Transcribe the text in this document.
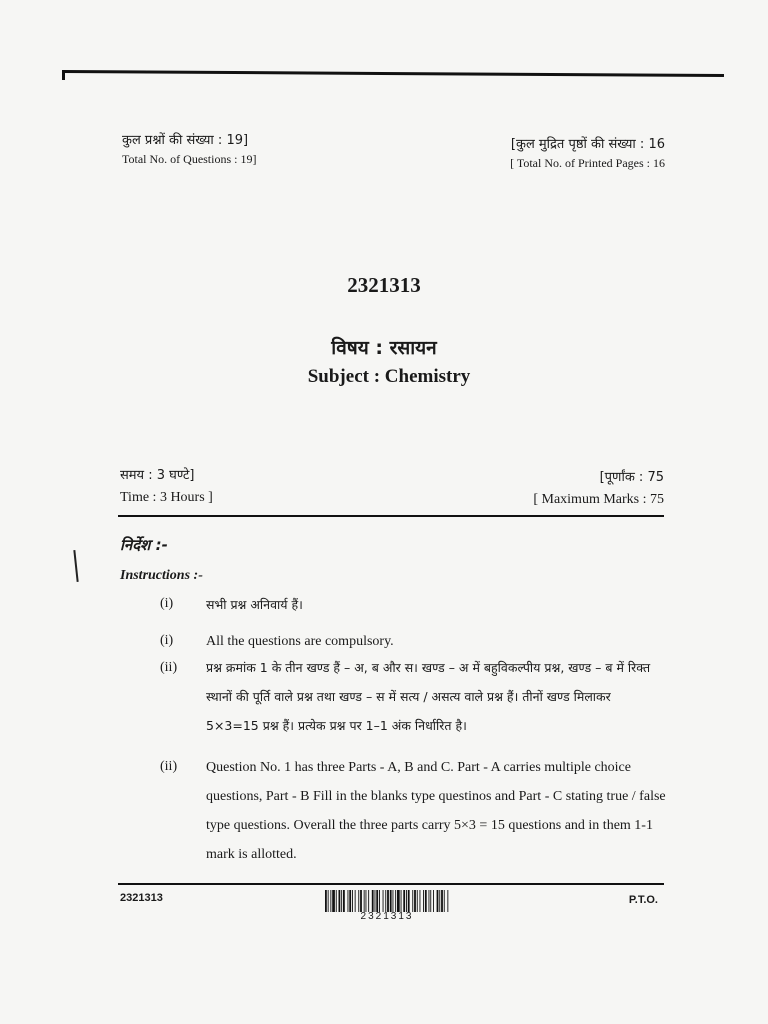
कुल प्रश्नों की संख्या : 19]
Total No. of Questions : 19]
[कुल मुद्रित पृष्ठों की संख्या : 16
[ Total No. of Printed Pages : 16
2321313
विषय : रसायन
Subject : Chemistry
समय : 3 घण्टे]
Time : 3 Hours ]
[पूर्णांक : 75
[ Maximum Marks : 75
निर्देश :-
Instructions :-
(i)	सभी प्रश्न अनिवार्य हैं।
(i) All the questions are compulsory.
(ii) प्रश्न क्रमांक 1 के तीन खण्ड हैं – अ, ब और स। खण्ड – अ में बहुविकल्पीय प्रश्न, खण्ड – ब में रिक्त स्थानों की पूर्ति वाले प्रश्न तथा खण्ड – स में सत्य / असत्य वाले प्रश्न हैं। तीनों खण्ड मिलाकर 5×3=15 प्रश्न हैं। प्रत्येक प्रश्न पर 1–1 अंक निर्धारित है।
(ii) Question No. 1 has three Parts - A, B and C. Part - A carries multiple choice questions, Part - B Fill in the blanks type questinos and Part - C stating true / false type questions. Overall the three parts carry 5×3 = 15 questions and in them 1-1 mark is allotted.
2321313
2321313
P.T.O.
